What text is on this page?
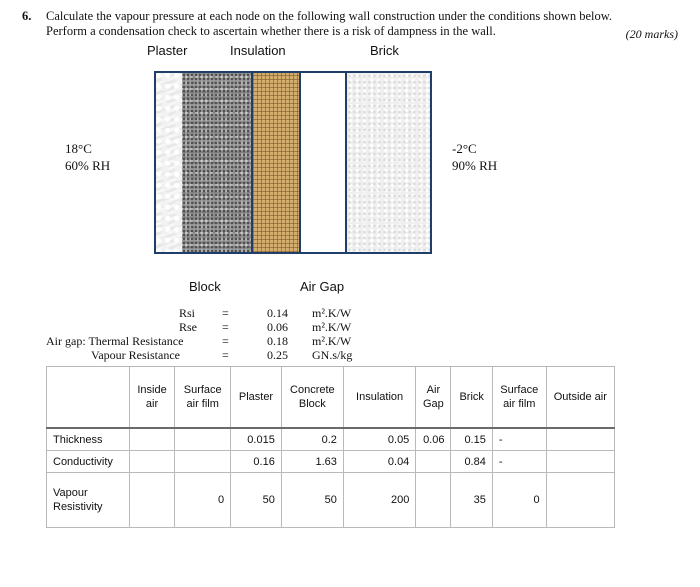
6. Calculate the vapour pressure at each node on the following wall construction under the conditions shown below.
Perform a condensation check to ascertain whether there is a risk of dampness in the wall.	(20 marks)
Plaster	Insulation	Brick
18°C
60% RH
-2°C
90% RH
Block	Air Gap
Rsi =	0.14 m².K/W
Rse =	0.06 m².K/W
Air gap: Thermal Resistance	=	0.18 m².K/W
Vapour Resistance	=	0.25 GN.s/kg
	Inside air	Surface air film	Plaster	Concrete Block	Insulation	Air Gap	Brick	Surface air film	Outside air
Thickness			0.015	0.2	0.05	0.06	0.15	-	
Conductivity			0.16	1.63	0.04		0.84	-	
Vapour Resistivity		0	50	50	200		35	0	
